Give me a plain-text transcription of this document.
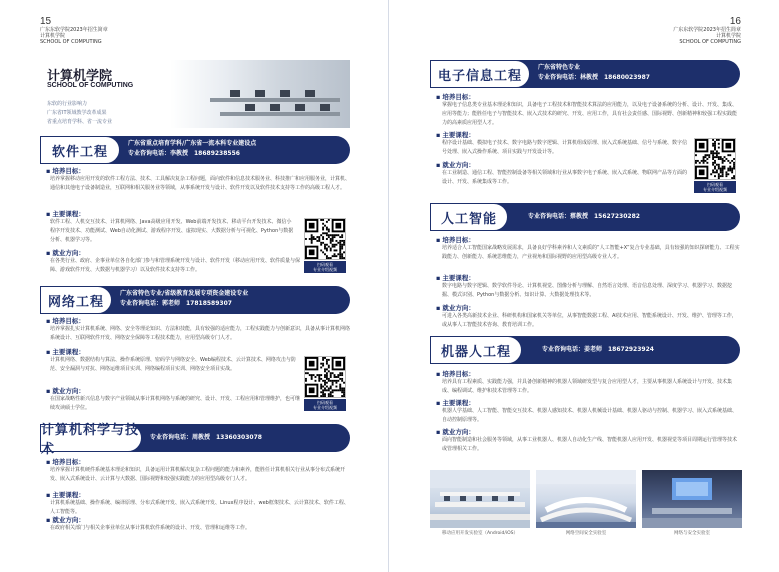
15
广东东软学院2023年招生简章
计算机学院
SCHOOL OF COMPUTING
计算机学院
SCHOOL OF COMPUTING
东软的行业影响力
广东省IT领域教学改革成果
省重点培育学科、省一流专业
软件工程
广东省重点培育学科/广东省一流本科专业建设点
专业咨询电话：李教授　18689238556
▪ 培养目标：
培养掌握移动应用开发的软件工程方法、技术、工具解决复杂工程问题，面向软件和信息技术服务业、科技推广和应用服务业，计算机、通信和其他电子设备制造业，互联网和相关服务业等领域，从事系统开发与设计、软件开发以及软件技术支持等工作的高级工程人才。
▪ 主要课程：
软件工程、人机交互技术、计算机网络、Java高级应用开发、Web前端开发技术、移动平台开发技术、微信小程序开发技术、功能测试、Web自动化测试、游戏程序开发、虚拟现实、大数据分析与可视化、Python与数据分析、机器学习等。
▪ 就业方向：
在各类行业、政府、企事业单位各自化部门参与和管理系统开发与设计、软件开发（移动应用开发、软件质量与保障、游戏软件开发、大数据与机器学习）以及软件技术支持等工作。
扫码观看
专业介绍视频
网络工程
广东省特色专业/省级教育发展专项资金建设专业
专业咨询电话：郭老师　17818589307
▪ 培养目标：
培养掌握扎实计算机系统、网络、安全等理论知识、方法和技能，具有较强的适应能力，工程实践能力与创新意识，具备从事计算机网络系统设计、互联网软件开发、网络安全保障等工程技术能力，应用型高级专门人才。
▪ 主要课程：
计算机网络、数据结构与算法、操作系统原理、密码学与网络安全、Web编程技术、云计算技术、网络攻击与防范、安全漏洞与对抗、网络运维项目实训、网络编程项目实训、网络安全项目实战。
▪ 就业方向：
在国家战略性新兴信息与数字产业领域从事计算机网络与系统的研究、设计、开发、工程应用和管理维护，也可继续攻读硕士学位。
扫码观看
专业介绍视频
计算机科学与技术
专业咨询电话：周教授　13360303078
▪ 培养目标：
培养掌握计算机硬件系统基本理论和知识，具备运用计算机解决复杂工程问题的能力和素养，能胜任计算机相关行业从事分布式系统开发、嵌入式系统设计、云计算与大数据、国际视野和较强实践能力的应用型高级专门人才。
▪ 主要课程：
计算机系统基础、操作系统、编译原理、分布式系统开发、嵌入式系统开发、Linux程序设计、web框架技术、云计算技术、软件工程、人工智能等。
▪ 就业方向：
在政府相关部门与相关企事业单位从事计算机软件系统的设计、开发、管理和运维等工作。
16
广东东软学院2023年招生简章
计算机学院
SCHOOL OF COMPUTING
电子信息工程
广东省特色专业
专业咨询电话：林教授　18680023987
▪ 培养目标：
掌握电子信息类专业基本理论和知识，具备电子工程技术和智能技术算法的应用能力，以及电子设备系统的分析、设计、开发、集成、应用等能力；能胜任电子与智能技术、嵌入式技术的研究、开发、应用工作，具有社会责任感、国际视野、创新精神和较强工程实践能力的高素质应用型人才。
▪ 主要课程：
程序设计基础、模拟电子技术、数字电路与数字逻辑、计算机组成原理、嵌入式系统基础、信号与系统、数字信号处理、嵌入式操作系统、项目实践与开发设计等。
▪ 就业方向：
在工业制造、通信工程、智能控制设备等相关领域和行业从事数字电子系统、嵌入式系统、物联网产品等方面的设计、开发、系统集成等工作。	扫码观看
专业介绍视频
人工智能	专业咨询电话：蔡教授　15627230282
▪ 培养目标：
培养适合人工智能国家战略发展需求，具备良好学科素养和人文素质的“人工智能+X”复合专业基础，具有较强的知识探研能力、工程实践能力、创新能力、系统思维能力，产业视角和国际视野的应用型高级专业人才。
▪ 主要课程：
数字电路与数字逻辑、数学软件导论、计算机视觉、图像分析与理解、自然语言处理、语音信息处理、深度学习、机器学习、数据挖掘、模式识别、Python与数据分析、知识计算、大数据处理技术等。
▪ 就业方向：
可进入各类高新技术企业、科研机构和国家机关等单位，从事智能数据工程、AI技术应用、智能系统设计、开发、维护、管理等工作，或从事人工智能技术咨询、教育培训工作。
机器人工程	专业咨询电话：姜老师　18672923924
▪ 培养目标：
培养具有工程素质、实践能力强，并具备创新精神的机器人领域研发型与复合应用型人才，主要从事机器人系统设计与开发、技术集成、编程调试、维护和技术管理等工作。
▪ 主要课程：
机器人学基础、人工智能、智能交互技术、机器人感知技术、机器人机械设计基础、机器人驱动与控制、机器学习、嵌入式系统基础、自动控制原理等。
▪ 就业方向：
面向智能制造和社会服务等领域，从事工业机器人、机器人自动化生产线、智能机器人应用开发、机器视觉等项目周期运行管理等技术或管理相关工作。
移动应用开发实验室（Android/iOS）	网络空间安全实验室	网络与安全实验室
